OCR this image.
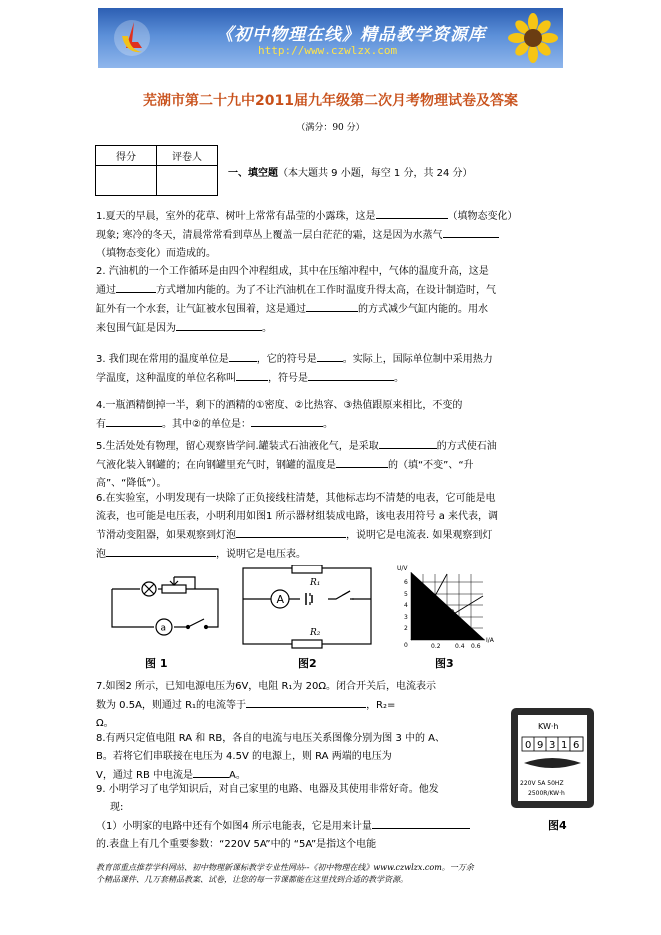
《初中物理在线》精品教学资源库
http://www.czwlzx.com
芜湖市第二十九中2011届九年级第二次月考物理试卷及答案
（满分：90 分）
得分	评卷人

一、填空题（本大题共 9 小题，每空 1 分，共 24 分）
1.夏天的早晨，室外的花草、树叶上常常有晶莹的小露珠，这是	（填物态变化）
现象; 寒冷的冬天，清晨常常看到草丛上覆盖一层白茫茫的霜，这是因为水蒸气
（填物态变化）而造成的。
2. 汽油机的一个工作循环是由四个冲程组成，其中在压缩冲程中，气体的温度升高，这是
通过	方式增加内能的。为了不让汽油机在工作时温度升得太高，在设计制造时，气
缸外有一个水套，让气缸被水包围着，这是通过	的方式减少气缸内能的。用水
来包围气缸是因为	。
3. 我们现在常用的温度单位是	，它的符号是	。实际上，国际单位制中采用热力
学温度，这种温度的单位名称叫	，符号是	。
4.一瓶酒精倒掉一半，剩下的酒精的①密度、②比热容、③热值跟原来相比，不变的
有	。其中②的单位是：	。
5.生活处处有物理，留心观察皆学问.罐装式石油液化气，是采取	的方式使石油
气液化装入钢罐的；在向钢罐里充气时，钢罐的温度是	的（填“不变”、“升
高”、“降低”）。
6.在实验室，小明发现有一块除了正负接线柱清楚，其他标志均不清楚的电表，它可能是电
流表，也可能是电压表，小明利用如图1 所示器材组装成电路，该电表用符号 a 来代表，调
节滑动变阻器，如果观察到灯泡	，说明它是电流表. 如果观察到灯
泡	，说明它是电压表。
a
图 1
A
R₁
R₂
图2
U/V
I/A
6
5
4
3
2
0	0.2 0.4 0.6
A
B
图3
7.如图2 所示，已知电源电压为6V，电阻 R₁为 20Ω。闭合开关后，电流表示
数为 0.5A，则通过 R₁的电流等于	，R₂=
Ω。
8.有两只定值电阻 RA 和 RB，各自的电流与电压关系图像分别为图 3 中的 A、
B。若将它们串联接在电压为 4.5V 的电源上，则 RA 两端的电压为
V，通过 RB 中电流是	A。
9. 小明学习了电学知识后，对自己家里的电路、电器及其使用非常好奇。他发
现:
（1）小明家的电路中还有个如图4 所示电能表，它是用来计量
的.表盘上有几个重要参数：“220V 5A”中的 “5A”是指这个电能
KW·h
0 9 3 1 6
220V 5A 50HZ
2500R/KW·h
图4
教育部重点推荐学科网站、初中物理新课标教学专业性网站--《初中物理在线》www.czwlzx.com。一万余
个精品课件、几万套精品教案、试卷，让您的每一节课都能在这里找到合适的教学资源。
